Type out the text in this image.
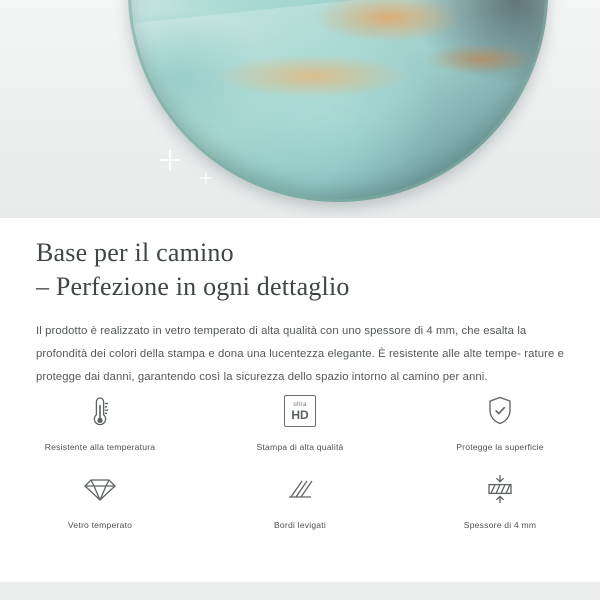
Base per il camino
– Perfezione in ogni dettaglio

Il prodotto è realizzato in vetro temperato di alta qualità con uno spessore di 4 mm, che esalta la profondità dei colori della stampa e dona una lucentezza elegante. È resistente alle alte tempe- rature e protegge dai danni, garantendo così la sicurezza dello spazio intorno al camino per anni.

Resistente alla temperatura
ultra
HD
Stampa di alta qualità	Protegge la superficie
Vetro temperato	Bordi levigati	Spessore di 4 mm
